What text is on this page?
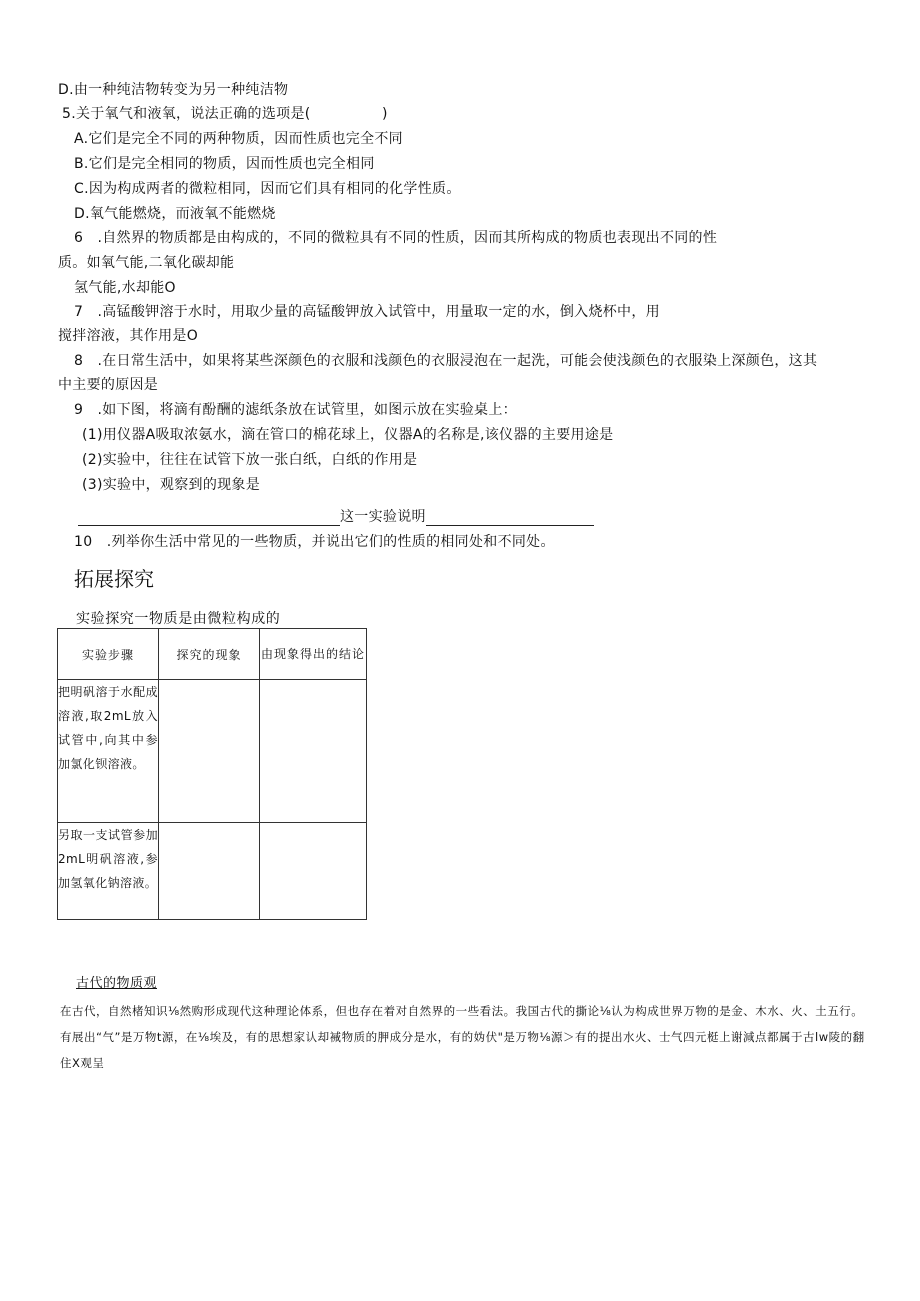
D.由一种纯洁物转变为另一种纯洁物
5.关于氧气和液氧，说法正确的选项是(　　　　　)
A.它们是完全不同的两种物质，因而性质也完全不同
B.它们是完全相同的物质，因而性质也完全相同
C.因为构成两者的微粒相同，因而它们具有相同的化学性质。
D.氧气能燃烧，而液氧不能燃烧
6　.自然界的物质都是由构成的，不同的微粒具有不同的性质，因而其所构成的物质也表现出不同的性
质。如氧气能,二氧化碳却能
氢气能,水却能O
7　.高锰酸钾溶于水时，用取少量的高锰酸钾放入试管中，用量取一定的水，倒入烧杯中，用
搅拌溶液，其作用是O
8　.在日常生活中，如果将某些深颜色的衣服和浅颜色的衣服浸泡在一起洗，可能会使浅颜色的衣服染上深颜色，这其
中主要的原因是
9　.如下图，将滴有酚酬的滤纸条放在试管里，如图示放在实验桌上：
(1)用仪器A吸取浓氨水，滴在管口的棉花球上，仪器A的名称是,该仪器的主要用途是
(2)实验中，往往在试管下放一张白纸，白纸的作用是
(3)实验中，观察到的现象是
这一实验说明
10　.列举你生活中常见的一些物质，并说出它们的性质的相同处和不同处。
拓展探究
实验探究一物质是由微粒构成的
实验步骤	探究的现象	由现象得出的结论
把明矾溶于水配成溶液,取2mL放入试管中,向其中参加氯化钡溶液。		
另取一支试管参加2mL明矾溶液,参加氢氧化钠溶液。		
古代的物质观
在古代，自然楮知识⅛然购形成现代这种理论体系，但也存在着对自然界的一些看法。我国古代的撕论⅛认为构成世界万物的是金、木水、火、土五行。有展出“气”是万物t源，在⅛埃及，有的思想家认却裓物质的胛成分是水，有的妫伏"是万物⅛源＞有的提出水火、士气四元梃上谢減点都属于古lw陵的翻住X观呈
